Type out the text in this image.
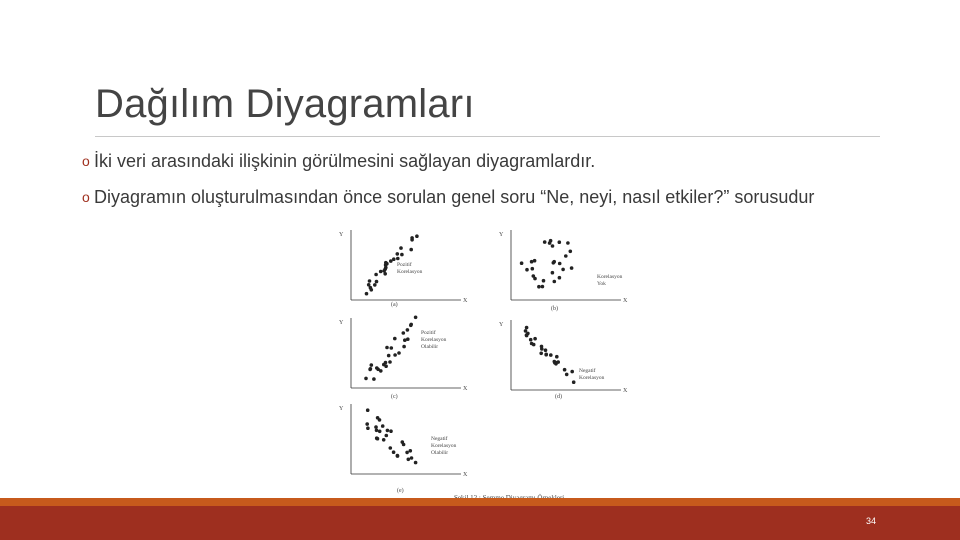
Dağılım Diyagramları
o İki veri arasındaki ilişkinin görülmesini sağlayan diyagramlardır.
o Diyagramın oluşturulmasından önce sorulan genel soru “Ne, neyi, nasıl etkiler?” sorusudur
Y
X
Pozitif
Korelasyon
(a)
Y
X
Korelasyon
Yok
(b)
Y
X
Pozitif
Korelasyon
Olabilir
(c)
Y
X
Negatif
Korelasyon
(d)
Y
X
Negatif
Korelasyon
Olabilir
(e)
34
